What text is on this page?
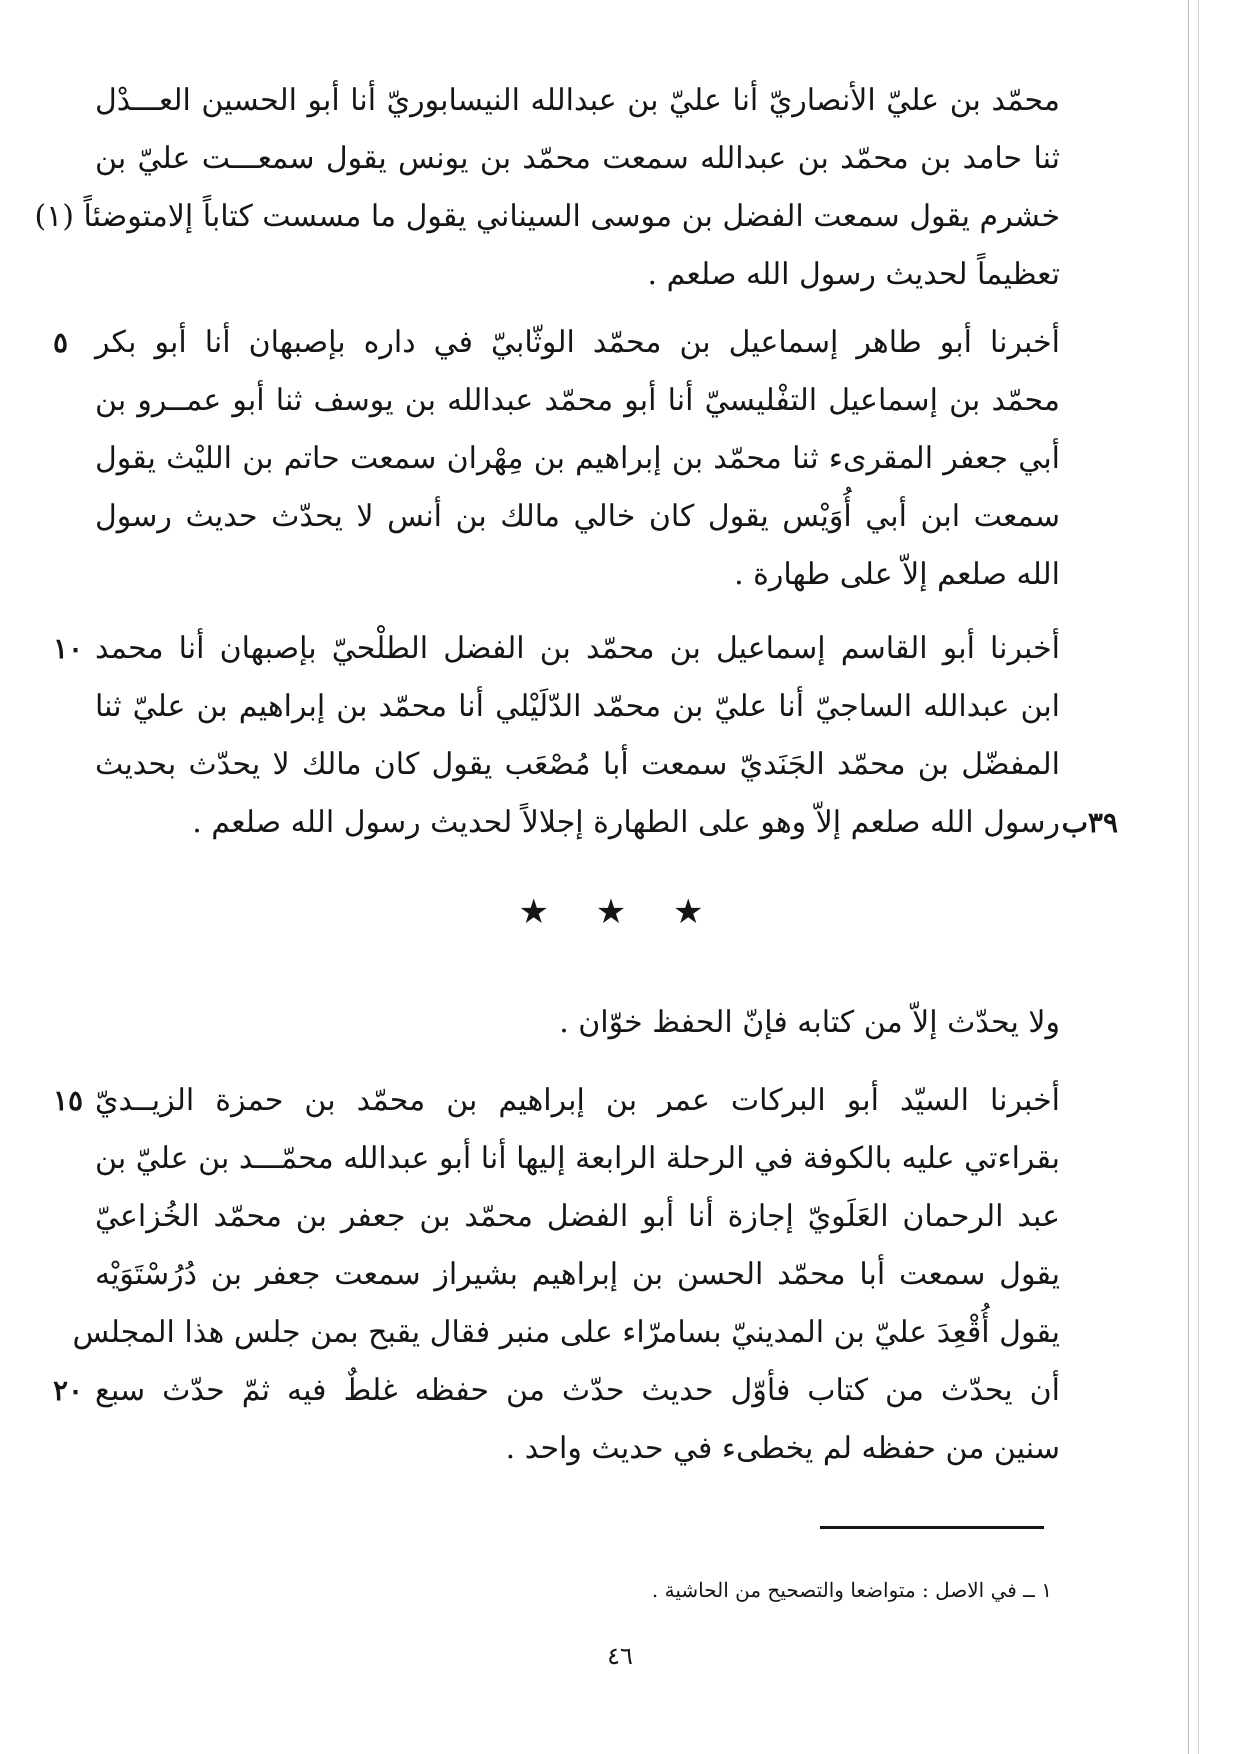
محمّد بن عليّ الأنصاريّ أنا عليّ بن عبدالله النيسابوريّ أنا أبو الحسين العـــدْل
ثنا حامد بن محمّد بن عبدالله سمعت محمّد بن يونس يقول سمعـــت عليّ بن
خشرم يقول سمعت الفضل بن موسى السيناني يقول ما مسست كتاباً إلامتوضئاً (١)
تعظيماً لحديث رسول الله صلعم .
أخبرنا أبو طاهر إسماعيل بن محمّد الوثّابيّ في داره بإصبهان أنا أبو بكر
٥
محمّد بن إسماعيل التفْليسيّ أنا أبو محمّد عبدالله بن يوسف ثنا أبو عمــرو بن
أبي جعفر المقرىء ثنا محمّد بن إبراهيم بن مِهْران سمعت حاتم بن الليْث يقول
سمعت ابن أبي أُوَيْس يقول كان خالي مالك بن أنس لا يحدّث حديث رسول
الله صلعم إلاّ على طهارة .
أخبرنا أبو القاسم إسماعيل بن محمّد بن الفضل الطلْحيّ بإصبهان أنا محمد
١٠
ابن عبدالله الساجيّ أنا عليّ بن محمّد الدّلَيْلي أنا محمّد بن إبراهيم بن عليّ ثنا
المفضّل بن محمّد الجَنَديّ سمعت أبا مُصْعَب يقول كان مالك لا يحدّث بحديث
رسول الله صلعم إلاّ وهو على الطهارة إجلالاً لحديث رسول الله صلعم . ٣٩ب
★ ★ ★
ولا يحدّث إلاّ من كتابه فإنّ الحفظ خوّان .
أخبرنا السيّد أبو البركات عمر بن إبراهيم بن محمّد بن حمزة الزيــديّ
١٥
بقراءتي عليه بالكوفة في الرحلة الرابعة إليها أنا أبو عبدالله محمّـــد بن عليّ بن
عبد الرحمان العَلَويّ إجازة أنا أبو الفضل محمّد بن جعفر بن محمّد الخُزاعيّ
يقول سمعت أبا محمّد الحسن بن إبراهيم بشيراز سمعت جعفر بن دُرُسْتَوَيْه
يقول أُقْعِدَ عليّ بن المدينيّ بسامرّاء على منبر فقال يقبح بمن جلس هذا المجلس
أن يحدّث من كتاب فأوّل حديث حدّث من حفظه غلطٌ فيه ثمّ حدّث سبع
٢٠
سنين من حفظه لم يخطىء في حديث واحد .
١ ــ في الاصل : متواضعا والتصحيح من الحاشية .
٤٦
